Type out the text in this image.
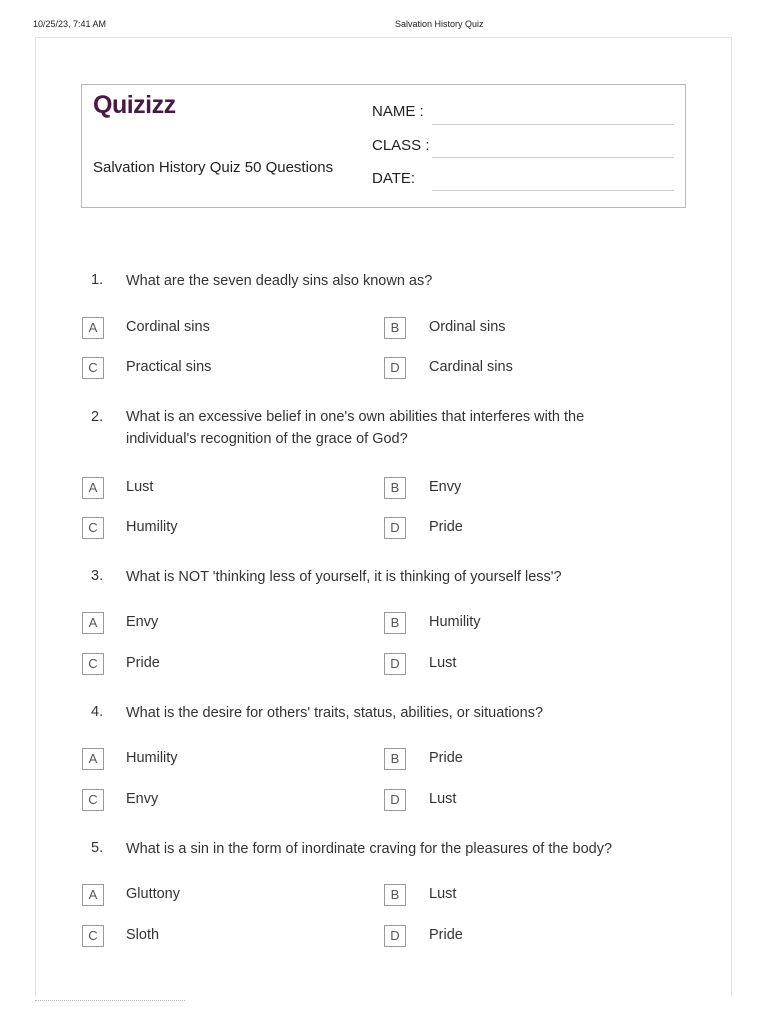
10/25/23, 7:41 AM	Salvation History Quiz
Quizizz
Salvation History Quiz 50 Questions
NAME :
CLASS :
DATE:
1. What are the seven deadly sins also known as?
A	Cordinal sins	B	Ordinal sins
C	Practical sins	D	Cardinal sins
2. What is an excessive belief in one's own abilities that interferes with the individual's recognition of the grace of God?
A	Lust	B	Envy
C	Humility	D	Pride
3. What is NOT 'thinking less of yourself, it is thinking of yourself less'?
A	Envy	B	Humility
C	Pride	D	Lust
4. What is the desire for others' traits, status, abilities, or situations?
A	Humility	B	Pride
C	Envy	D	Lust
5. What is a sin in the form of inordinate craving for the pleasures of the body?
A	Gluttony	B	Lust
C	Sloth	D	Pride
